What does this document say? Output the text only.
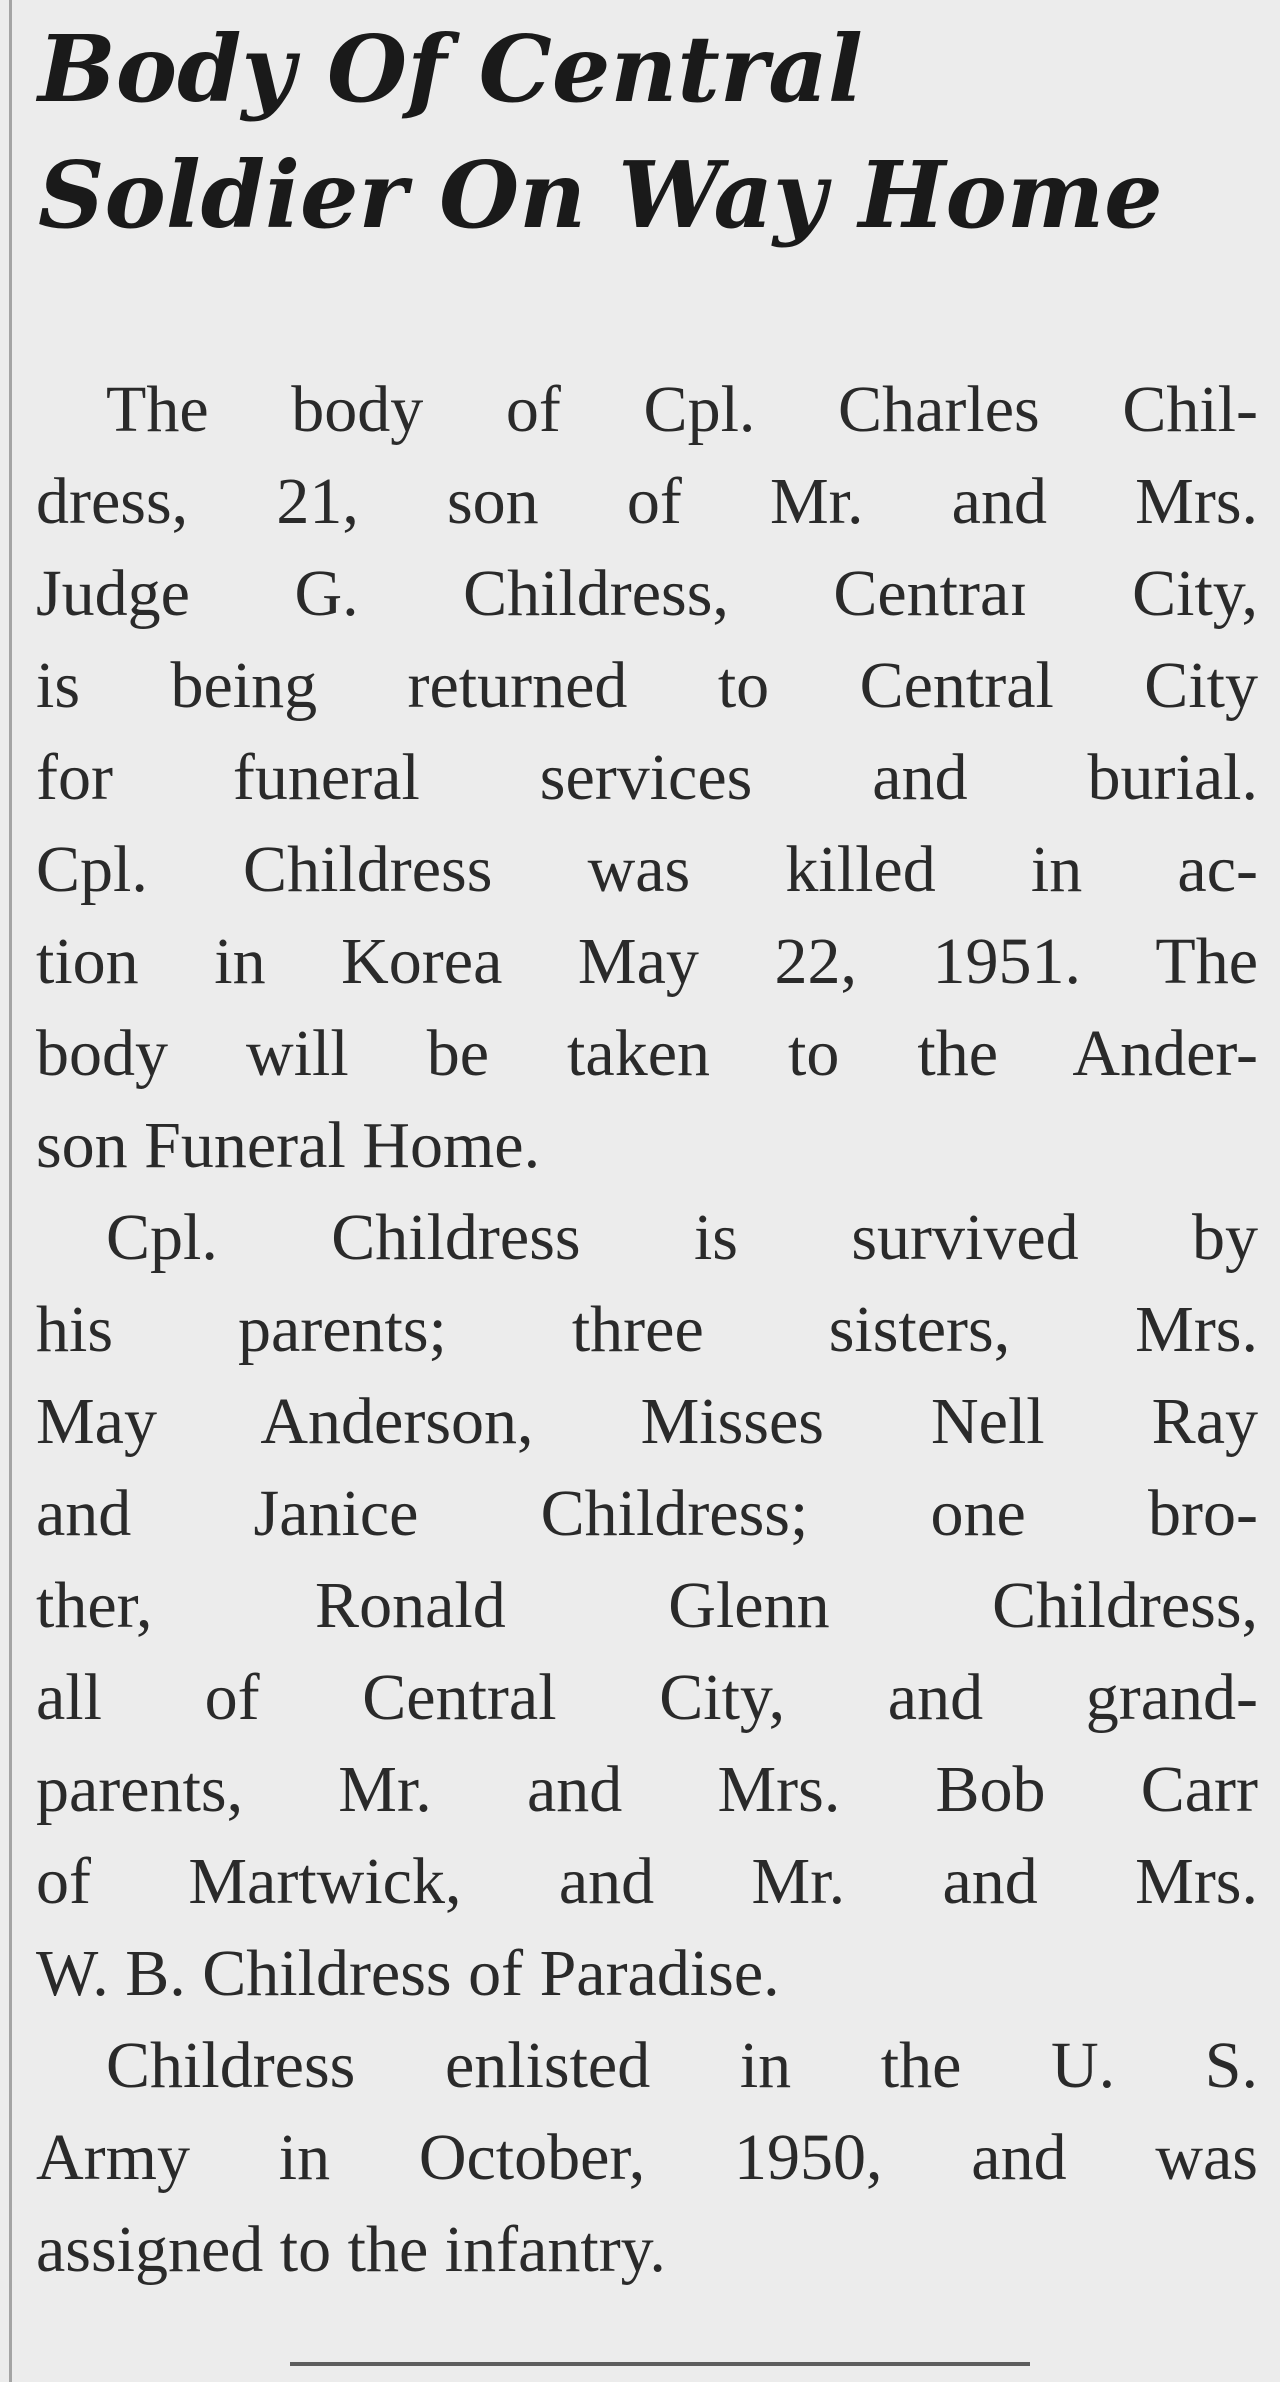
Body Of Central
Soldier On Way Home
The body of Cpl. Charles Chil-
dress, 21, son of Mr. and Mrs.
Judge G. Childress, Centraɪ City,
is being returned to Central City
for funeral services and burial.
Cpl. Childress was killed in ac-
tion in Korea May 22, 1951. The
body will be taken to the Ander-
son Funeral Home.
Cpl. Childress is survived by
his parents; three sisters, Mrs.
May Anderson, Misses Nell Ray
and Janice Childress; one bro-
ther, Ronald Glenn Childress,
all of Central City, and grand-
parents, Mr. and Mrs. Bob Carr
of Martwick, and Mr. and Mrs.
W. B. Childress of Paradise.
Childress enlisted in the U. S.
Army in October, 1950, and was
assigned to the infantry.
